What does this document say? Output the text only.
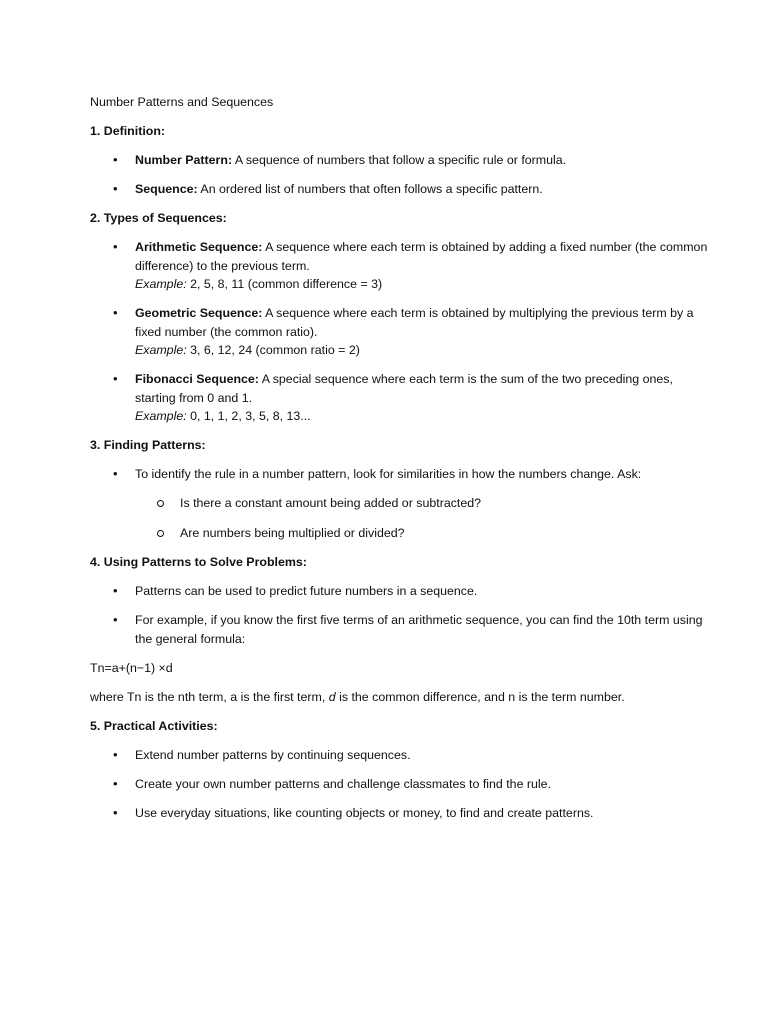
Number Patterns and Sequences

1. Definition:

• Number Pattern: A sequence of numbers that follow a specific rule or formula.
• Sequence: An ordered list of numbers that often follows a specific pattern.

2. Types of Sequences:

• Arithmetic Sequence: A sequence where each term is obtained by adding a fixed number (the common difference) to the previous term.
Example: 2, 5, 8, 11 (common difference = 3)
• Geometric Sequence: A sequence where each term is obtained by multiplying the previous term by a fixed number (the common ratio).
Example: 3, 6, 12, 24 (common ratio = 2)
• Fibonacci Sequence: A special sequence where each term is the sum of the two preceding ones, starting from 0 and 1.
Example: 0, 1, 1, 2, 3, 5, 8, 13...

3. Finding Patterns:

• To identify the rule in a number pattern, look for similarities in how the numbers change. Ask:
Is there a constant amount being added or subtracted?
Are numbers being multiplied or divided?

4. Using Patterns to Solve Problems:

• Patterns can be used to predict future numbers in a sequence.
• For example, if you know the first five terms of an arithmetic sequence, you can find the 10th term using the general formula:

Tn=a+(n−1) ×d

where Tn is the nth term, a is the first term, d is the common difference, and n is the term number.

5. Practical Activities:

• Extend number patterns by continuing sequences.
• Create your own number patterns and challenge classmates to find the rule.
• Use everyday situations, like counting objects or money, to find and create patterns.
